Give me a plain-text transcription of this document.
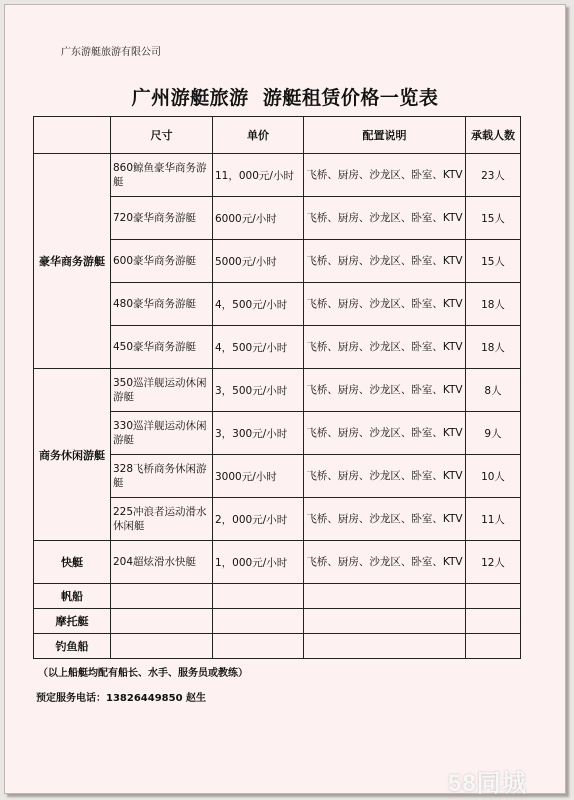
广东游艇旅游有限公司
广州游艇旅游  游艇租赁价格一览表
	尺寸	单价	配置说明	承载人数
豪华商务游艇	860鲸鱼豪华商务游艇	11，000元/小时	飞桥、厨房、沙龙区、卧室、KTV	23人
	720豪华商务游艇	6000元/小时	飞桥、厨房、沙龙区、卧室、KTV	15人
	600豪华商务游艇	5000元/小时	飞桥、厨房、沙龙区、卧室、KTV	15人
	480豪华商务游艇	4，500元/小时	飞桥、厨房、沙龙区、卧室、KTV	18人
	450豪华商务游艇	4，500元/小时	飞桥、厨房、沙龙区、卧室、KTV	18人
商务休闲游艇	350巡洋舰运动休闲游艇	3，500元/小时	飞桥、厨房、沙龙区、卧室、KTV	8人
	330巡洋舰运动休闲游艇	3，300元/小时	飞桥、厨房、沙龙区、卧室、KTV	9人
	328飞桥商务休闲游艇	3000元/小时	飞桥、厨房、沙龙区、卧室、KTV	10人
	225冲浪者运动滑水休闲艇	2，000元/小时	飞桥、厨房、沙龙区、卧室、KTV	11人
快艇	204超炫滑水快艇	1，000元/小时	飞桥、厨房、沙龙区、卧室、KTV	12人
帆船				
摩托艇				
钓鱼船				
（以上船艇均配有船长、水手、服务员或教练）
预定服务电话：13826449850 赵生
58同城
